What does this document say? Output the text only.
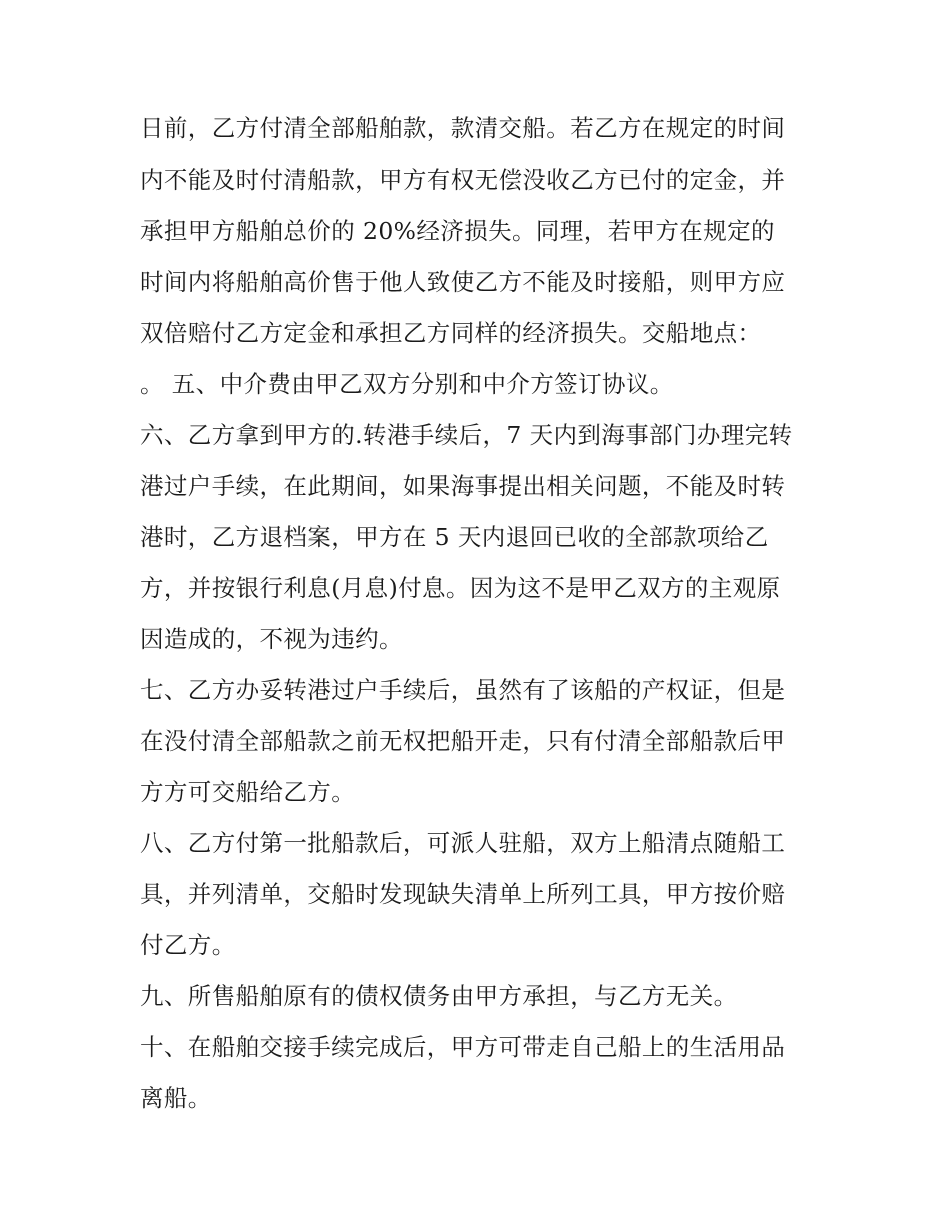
日前，乙方付清全部船舶款，款清交船。若乙方在规定的时间
内不能及时付清船款，甲方有权无偿没收乙方已付的定金，并
承担甲方船舶总价的 20%经济损失。同理，若甲方在规定的
时间内将船舶高价售于他人致使乙方不能及时接船，则甲方应
双倍赔付乙方定金和承担乙方同样的经济损失。交船地点：
。 五、中介费由甲乙双方分别和中介方签订协议。
六、乙方拿到甲方的.转港手续后，7 天内到海事部门办理完转
港过户手续，在此期间，如果海事提出相关问题，不能及时转
港时，乙方退档案，甲方在 5 天内退回已收的全部款项给乙
方，并按银行利息(月息)付息。因为这不是甲乙双方的主观原
因造成的，不视为违约。
七、乙方办妥转港过户手续后，虽然有了该船的产权证，但是
在没付清全部船款之前无权把船开走，只有付清全部船款后甲
方方可交船给乙方。
八、乙方付第一批船款后，可派人驻船，双方上船清点随船工
具，并列清单，交船时发现缺失清单上所列工具，甲方按价赔
付乙方。
九、所售船舶原有的债权债务由甲方承担，与乙方无关。
十、在船舶交接手续完成后，甲方可带走自己船上的生活用品
离船。
